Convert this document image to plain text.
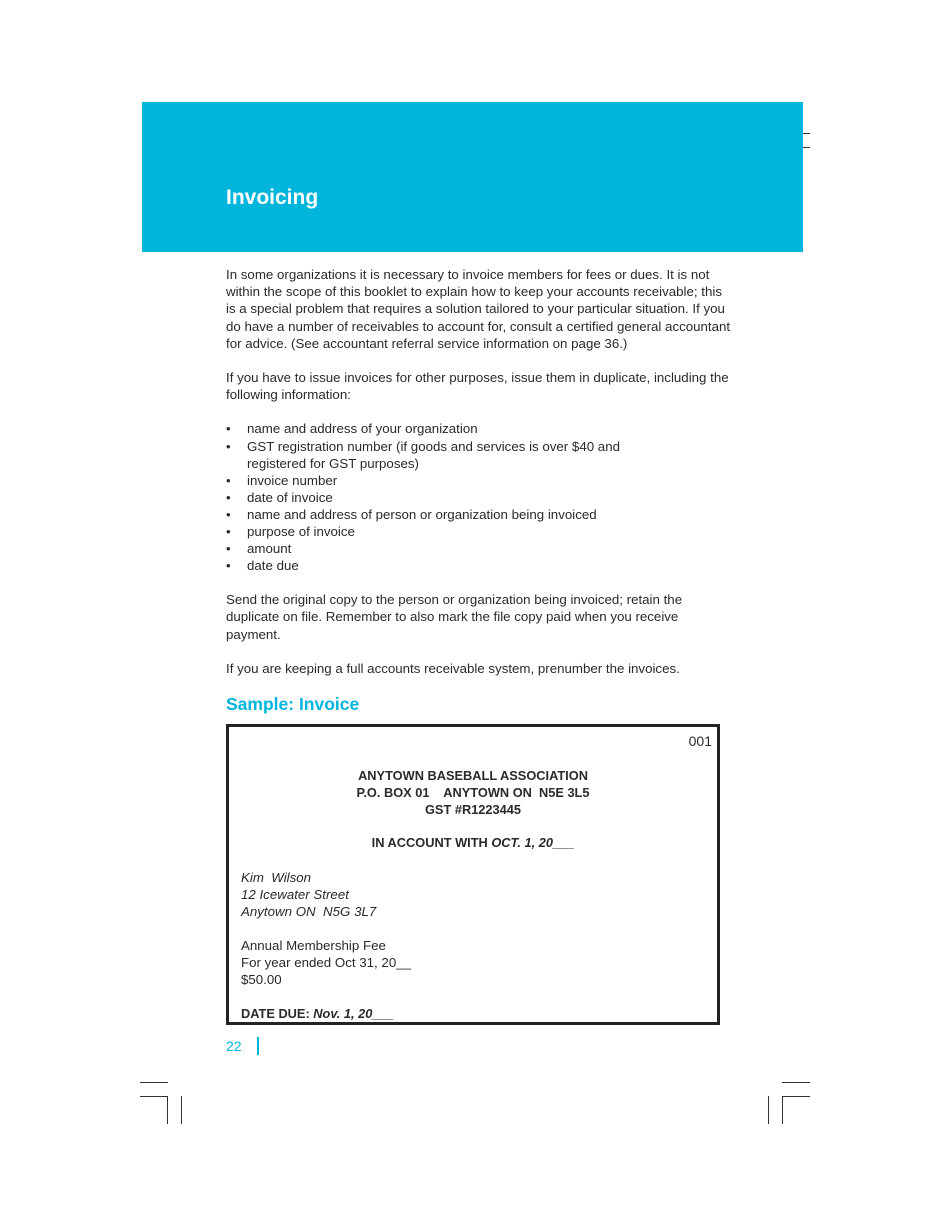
Invoicing

In some organizations it is necessary to invoice members for fees or dues. It is not within the scope of this booklet to explain how to keep your accounts receivable; this is a special problem that requires a solution tailored to your particular situation. If you do have a number of receivables to account for, consult a certified general accountant for advice. (See accountant referral service information on page 36.)

If you have to issue invoices for other purposes, issue them in duplicate, including the following information:

• name and address of your organization
• GST registration number (if goods and services is over $40 and registered for GST purposes)
• invoice number
• date of invoice
• name and address of person or organization being invoiced
• purpose of invoice
• amount
• date due

Send the original copy to the person or organization being invoiced; retain the duplicate on file. Remember to also mark the file copy paid when you receive payment.

If you are keeping a full accounts receivable system, prenumber the invoices.

Sample: Invoice
001
ANYTOWN BASEBALL ASSOCIATION
P.O. BOX 01    ANYTOWN ON  N5E 3L5
GST #R1223445
IN ACCOUNT WITH OCT. 1, 20___
Kim  Wilson
12 Icewater Street
Anytown ON  N5G 3L7
Annual Membership Fee
For year ended Oct 31, 20__
$50.00
DATE DUE: Nov. 1, 20___
22
